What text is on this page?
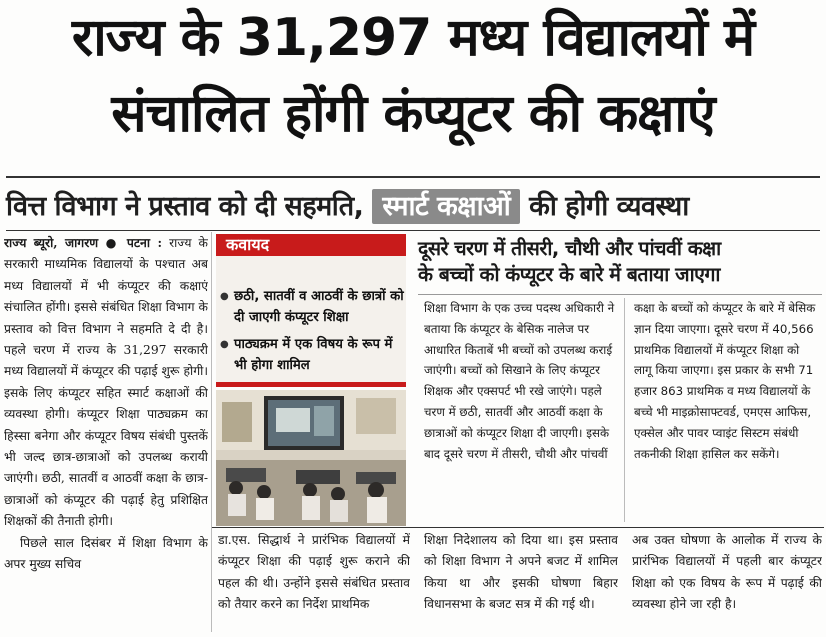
राज्य के 31,297 मध्य विद्यालयों में
संचालित होंगी कंप्यूटर की कक्षाएं
वित्त विभाग ने प्रस्ताव को दी सहमति, स्मार्ट कक्षाओं की होगी व्यवस्था

राज्य ब्यूरो, जागरण ● पटना : राज्य के सरकारी माध्यमिक विद्यालयों के पश्चात अब मध्य विद्यालयों में भी कंप्यूटर की कक्षाएं संचालित होंगी। इससे संबंधित शिक्षा विभाग के प्रस्ताव को वित्त विभाग ने सहमति दे दी है। पहले चरण में राज्य के 31,297 सरकारी मध्य विद्यालयों में कंप्यूटर की पढ़ाई शुरू होगी। इसके लिए कंप्यूटर सहित स्मार्ट कक्षाओं की व्यवस्था होगी। कंप्यूटर शिक्षा पाठ्यक्रम का हिस्सा बनेगा और कंप्यूटर विषय संबंधी पुस्तकें भी जल्द छात्र-छात्राओं को उपलब्ध करायी जाएंगी। छठी, सातवीं व आठवीं कक्षा के छात्र-छात्राओं को कंप्यूटर की पढ़ाई हेतु प्रशिक्षित शिक्षकों की तैनाती होगी।

पिछले साल दिसंबर में शिक्षा विभाग के अपर मुख्य सचिव

कवायद
● छठी, सातवीं व आठवीं के छात्रों को दी जाएगी कंप्यूटर शिक्षा
● पाठ्यक्रम में एक विषय के रूप में भी होगा शामिल
दूसरे चरण में तीसरी, चौथी और पांचवीं कक्षा
के बच्चों को कंप्यूटर के बारे में बताया जाएगा
शिक्षा विभाग के एक उच्च पदस्थ अधिकारी ने बताया कि कंप्यूटर के बेसिक नालेज पर आधारित किताबें भी बच्चों को उपलब्ध कराई जाएंगी। बच्चों को सिखाने के लिए कंप्यूटर शिक्षक और एक्सपर्ट भी रखे जाएंगे। पहले चरण में छठी, सातवीं और आठवीं कक्षा के छात्राओं को कंप्यूटर शिक्षा दी जाएगी। इसके बाद दूसरे चरण में तीसरी, चौथी और पांचवीं
कक्षा के बच्चों को कंप्यूटर के बारे में बेसिक ज्ञान दिया जाएगा। दूसरे चरण में 40,566 प्राथमिक विद्यालयों में कंप्यूटर शिक्षा को लागू किया जाएगा। इस प्रकार के सभी 71 हजार 863 प्राथमिक व मध्य विद्यालयों के बच्चे भी माइक्रोसाफ्टवर्ड, एमएस आफिस, एक्सेल और पावर प्वाइंट सिस्टम संबंधी तकनीकी शिक्षा हासिल कर सकेंगे।
डा.एस. सिद्धार्थ ने प्रारंभिक विद्यालयों में कंप्यूटर शिक्षा की पढ़ाई शुरू कराने की पहल की थी। उन्होंने इससे संबंधित प्रस्ताव को तैयार करने का निर्देश प्राथमिक
शिक्षा निदेशालय को दिया था। इस प्रस्ताव को शिक्षा विभाग ने अपने बजट में शामिल किया था और इसकी घोषणा बिहार विधानसभा के बजट सत्र में की गई थी।
अब उक्त घोषणा के आलोक में राज्य के प्रारंभिक विद्यालयों में पहली बार कंप्यूटर शिक्षा को एक विषय के रूप में पढ़ाई की व्यवस्था होने जा रही है।
